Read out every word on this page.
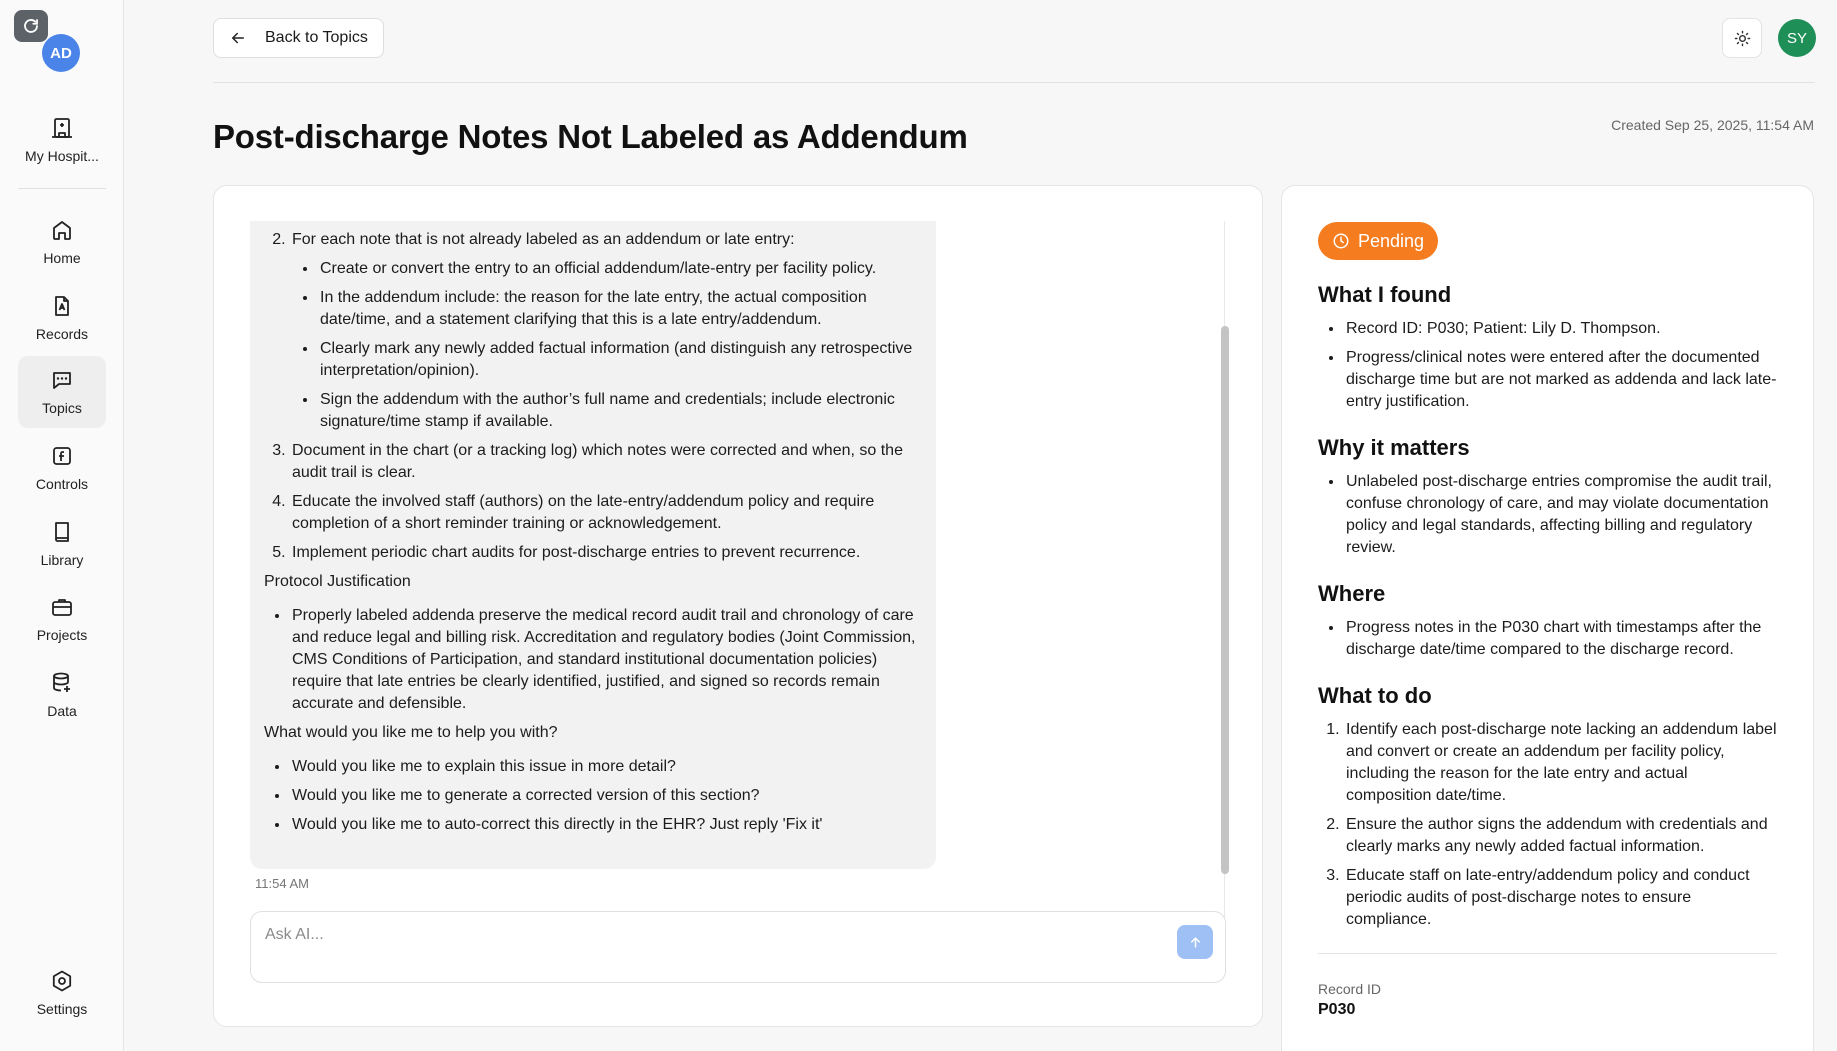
AD
My Hospit...
Home
Records
Topics
Controls
Library
Projects
Data
Settings
Back to Topics	SY
Post-discharge Notes Not Labeled as Addendum	Created Sep 25, 2025, 11:54 AM
2. For each note that is not already labeled as an addendum or late entry:
• Create or convert the entry to an official addendum/late-entry per facility policy.
• In the addendum include: the reason for the late entry, the actual composition date/time, and a statement clarifying that this is a late entry/addendum.
• Clearly mark any newly added factual information (and distinguish any retrospective interpretation/opinion).
• Sign the addendum with the author’s full name and credentials; include electronic signature/time stamp if available.
3. Document in the chart (or a tracking log) which notes were corrected and when, so the audit trail is clear.
4. Educate the involved staff (authors) on the late-entry/addendum policy and require completion of a short reminder training or acknowledgement.
5. Implement periodic chart audits for post-discharge entries to prevent recurrence.

Protocol Justification

• Properly labeled addenda preserve the medical record audit trail and chronology of care and reduce legal and billing risk. Accreditation and regulatory bodies (Joint Commission, CMS Conditions of Participation, and standard institutional documentation policies) require that late entries be clearly identified, justified, and signed so records remain accurate and defensible.

What would you like me to help you with?

• Would you like me to explain this issue in more detail?
• Would you like me to generate a corrected version of this section?
• Would you like me to auto-correct this directly in the EHR? Just reply 'Fix it'
11:54 AM
Ask AI...
Pending
What I found
• Record ID: P030; Patient: Lily D. Thompson.
• Progress/clinical notes were entered after the documented discharge time but are not marked as addenda and lack late-entry justification.
Why it matters
• Unlabeled post-discharge entries compromise the audit trail, confuse chronology of care, and may violate documentation policy and legal standards, affecting billing and regulatory review.
Where
• Progress notes in the P030 chart with timestamps after the discharge date/time compared to the discharge record.
What to do
1. Identify each post-discharge note lacking an addendum label and convert or create an addendum per facility policy, including the reason for the late entry and actual composition date/time.
2. Ensure the author signs the addendum with credentials and clearly marks any newly added factual information.
3. Educate staff on late-entry/addendum policy and conduct periodic audits of post-discharge notes to ensure compliance.
Record ID
P030
